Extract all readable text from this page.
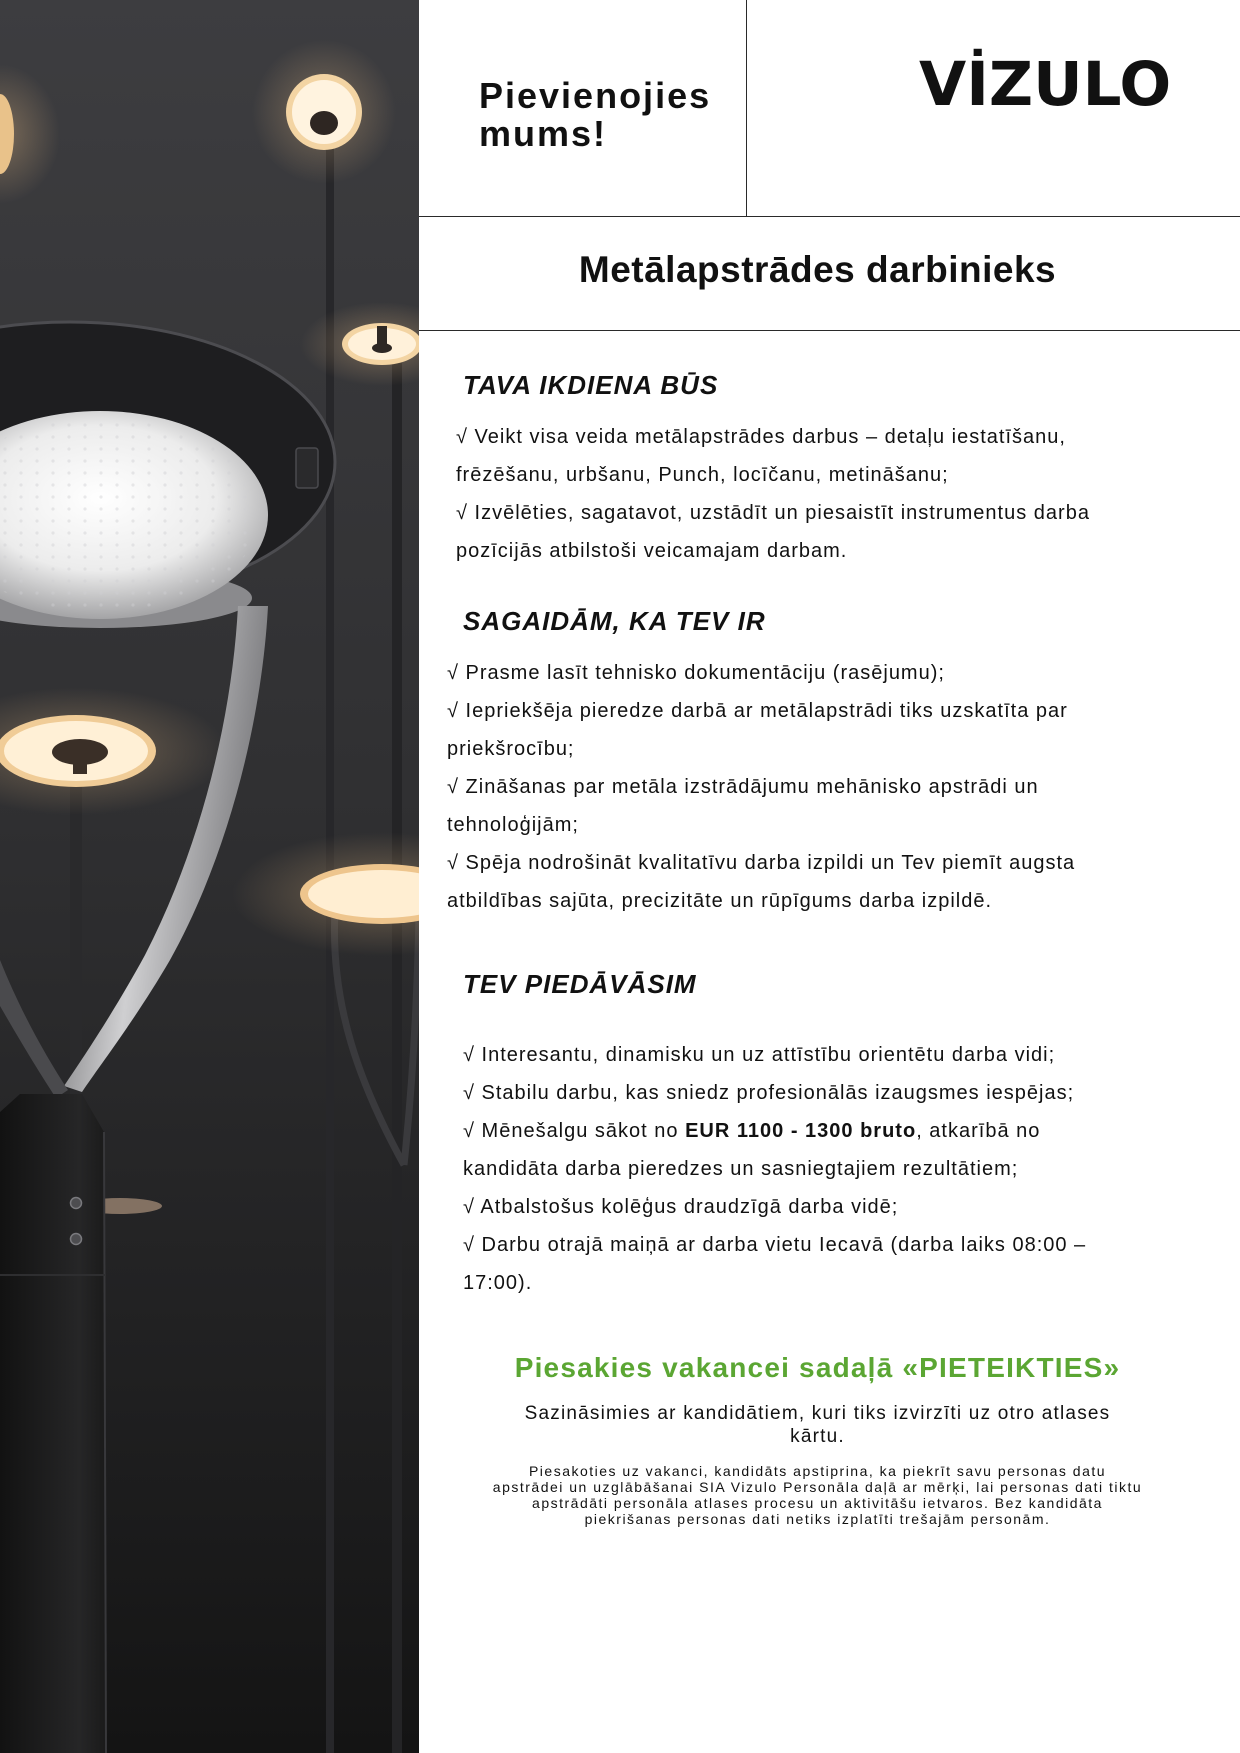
Pievienojies
mums!
VİZULO
Metālapstrādes darbinieks
TAVA IKDIENA BŪS
√ Veikt visa veida metālapstrādes darbus – detaļu iestatīšanu,
frēzēšanu, urbšanu, Punch, locīčanu, metināšanu;
√ Izvēlēties, sagatavot, uzstādīt un piesaistīt instrumentus darba
pozīcijās atbilstoši veicamajam darbam.
SAGAIDĀM, KA TEV IR
√ Prasme lasīt tehnisko dokumentāciju (rasējumu);
√ Iepriekšēja pieredze darbā ar metālapstrādi tiks uzskatīta par
priekšrocību;
√ Zināšanas par metāla izstrādājumu mehānisko apstrādi un
tehnoloģijām;
√ Spēja nodrošināt kvalitatīvu darba izpildi un Tev piemīt augsta
atbildības sajūta, precizitāte un rūpīgums darba izpildē.
TEV PIEDĀVĀSIM
√ Interesantu, dinamisku un uz attīstību orientētu darba vidi;
√ Stabilu darbu, kas sniedz profesionālās izaugsmes iespējas;
√ Mēnešalgu sākot no EUR 1100 - 1300 bruto, atkarībā no
kandidāta darba pieredzes un sasniegtajiem rezultātiem;
√ Atbalstošus kolēģus draudzīgā darba vidē;
√ Darbu otrajā maiņā ar darba vietu Iecavā (darba laiks 08:00 –
17:00).
Piesakies vakancei sadaļā «PIETEIKTIES»
Sazināsimies ar kandidātiem, kuri tiks izvirzīti uz otro atlases
kārtu.
Piesakoties uz vakanci, kandidāts apstiprina, ka piekrīt savu personas datu
apstrādei un uzglābāšanai SIA Vizulo Personāla daļā ar mērķi, lai personas dati tiktu
apstrādāti personāla atlases procesu un aktivitāšu ietvaros. Bez kandidāta
piekrišanas personas dati netiks izplatīti trešajām personām.
